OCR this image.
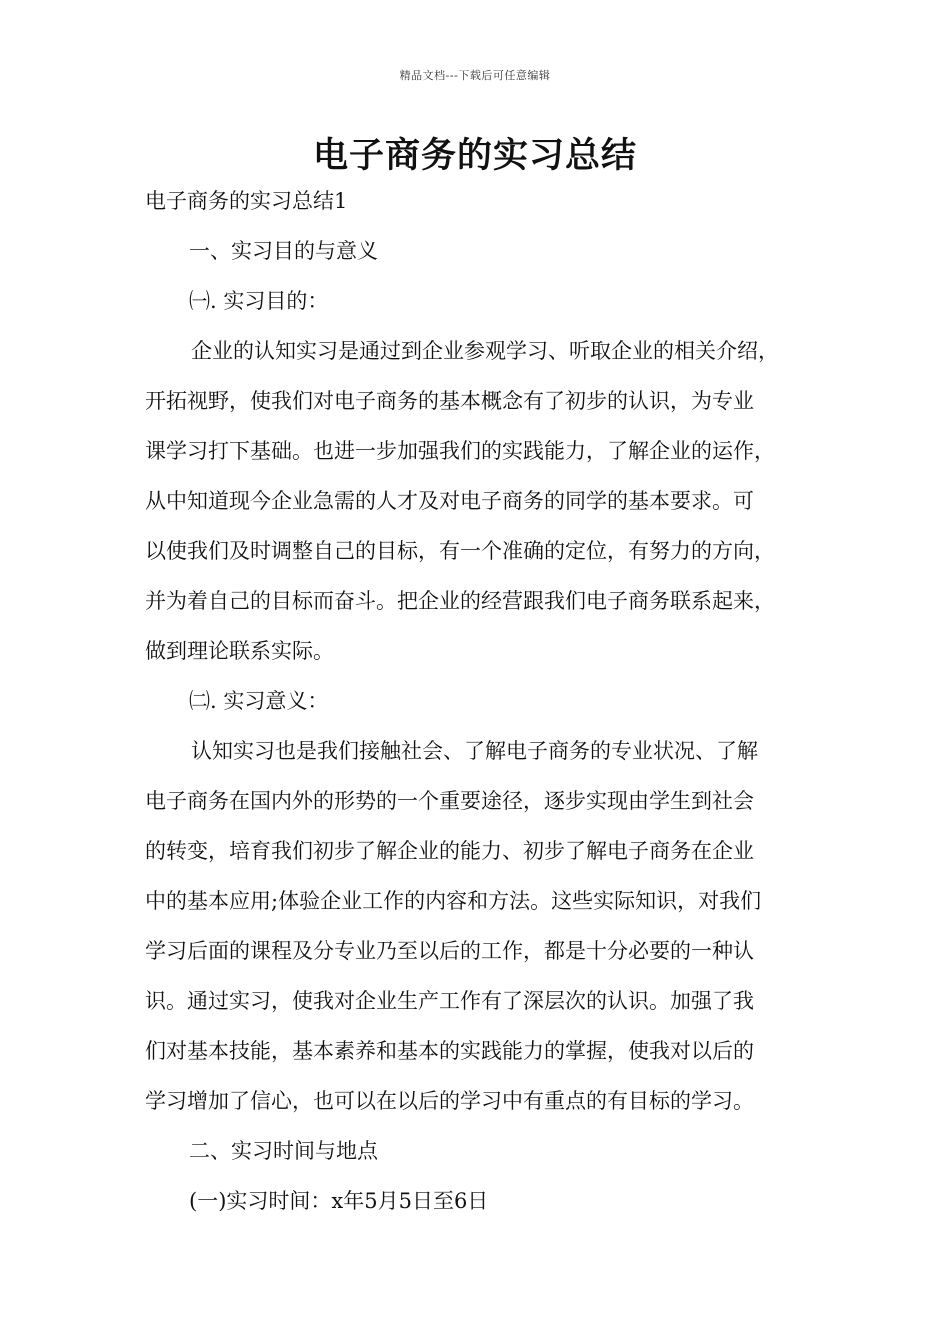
精品文档---下载后可任意编辑
电子商务的实习总结
电子商务的实习总结1
一、实习目的与意义
㈠. 实习目的：
企业的认知实习是通过到企业参观学习、听取企业的相关介绍，
开拓视野，使我们对电子商务的基本概念有了初步的认识，为专业
课学习打下基础。也进一步加强我们的实践能力，了解企业的运作，
从中知道现今企业急需的人才及对电子商务的同学的基本要求。可
以使我们及时调整自己的目标，有一个准确的定位，有努力的方向，
并为着自己的目标而奋斗。把企业的经营跟我们电子商务联系起来，
做到理论联系实际。
㈡. 实习意义：
认知实习也是我们接触社会、了解电子商务的专业状况、了解
电子商务在国内外的形势的一个重要途径，逐步实现由学生到社会
的转变，培育我们初步了解企业的能力、初步了解电子商务在企业
中的基本应用;体验企业工作的内容和方法。这些实际知识，对我们
学习后面的课程及分专业乃至以后的工作，都是十分必要的一种认
识。通过实习，使我对企业生产工作有了深层次的认识。加强了我
们对基本技能，基本素养和基本的实践能力的掌握，使我对以后的
学习增加了信心，也可以在以后的学习中有重点的有目标的学习。
二、实习时间与地点
(一)实习时间：x年5月5日至6日
